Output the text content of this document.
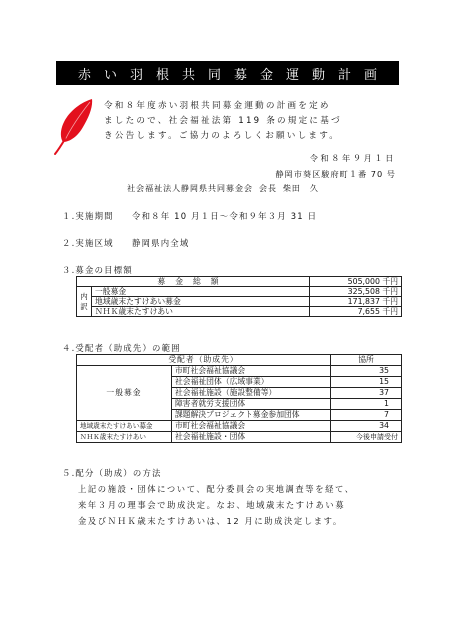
赤い羽根共同募金運動計画
令和８年度赤い羽根共同募金運動の計画を定め
ましたので、社会福祉法第 119 条の規定に基づ
き公告します。ご協力のよろしくお願いします。
令和８年９月１日
静岡市葵区駿府町１番 70 号
社会福祉法人静岡県共同募金会 会長 柴田　久
１.実施期間 令和８年 10 月１日～令和９年３月 31 日
２.実施区域 静岡県内全域
３.募金の目標額
募金総額		505,000 千円
内
訳	一般募金	325,508 千円
	地域歳末たすけあい募金	171,837 千円
	ＮＨＫ歳末たすけあい	7,655 千円
４.受配者（助成先）の範囲
受配者（助成先）		協所
一般募金	市町社会福祉協議会	35
	社会福祉団体（広域事業）	15
	社会福祉施設（施設整備等）	37
	障害者就労支援団体	1
	課題解決プロジェクト募金参加団体	7
地域歳末たすけあい募金	市町社会福祉協議会	34
ＮＨＫ歳末たすけあい	社会福祉施設・団体	今後申請受付
５.配分（助成）の方法
上記の施設・団体について、配分委員会の実地調査等を経て、
来年３月の理事会で助成決定。なお、地域歳末たすけあい募
金及びＮＨＫ歳末たすけあいは、12 月に助成決定します。
